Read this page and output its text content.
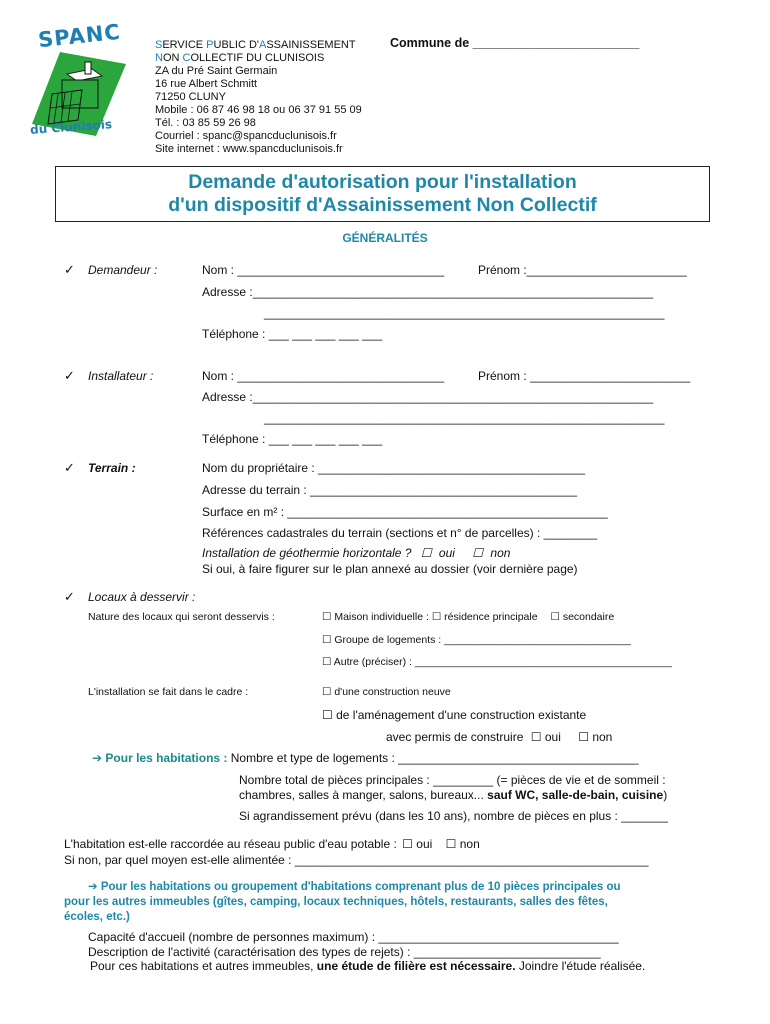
SPANC
du Clunisois
SERVICE PUBLIC D'ASSAINISSEMENT
NON COLLECTIF DU CLUNISOIS
ZA du Pré Saint Germain
16 rue Albert Schmitt
71250 CLUNY
Mobile : 06 87 46 98 18 ou 06 37 91 55 09
Tél. : 03 85 59 26 98
Courriel : spanc@spancduclunisois.fr
Site internet : www.spancduclunisois.fr
Commune de ________________________
Demande d'autorisation pour l'installation
d'un dispositif d'Assainissement Non Collectif
GÉNÉRALITÉS
✓ Demandeur :	Nom : _______________________________	Prénom :________________________
Adresse :____________________________________________________________
____________________________________________________________
Téléphone : ___ ___ ___ ___ ___
✓ Installateur :	Nom : _______________________________	Prénom : ________________________
Adresse :____________________________________________________________
____________________________________________________________
Téléphone : ___ ___ ___ ___ ___
✓ Terrain :	Nom du propriétaire : ________________________________________
Adresse du terrain : ________________________________________
Surface en m² : ________________________________________________
Références cadastrales du terrain (sections et n° de parcelles) : ________
Installation de géothermie horizontale ? ☐ oui ☐ non
Si oui, à faire figurer sur le plan annexé au dossier (voir dernière page)
✓ Locaux à desservir :
Nature des locaux qui seront desservis :	☐ Maison individuelle : ☐ résidence principale ☐ secondaire
☐ Groupe de logements : ________________________________
☐ Autre (préciser) : ____________________________________________
L'installation se fait dans le cadre :	☐ d'une construction neuve
☐ de l'aménagement d'une construction existante
avec permis de construire ☐ oui ☐ non
➔ Pour les habitations : Nombre et type de logements : ____________________________________
Nombre total de pièces principales : _________ (= pièces de vie et de sommeil :
chambres, salles à manger, salons, bureaux... sauf WC, salle-de-bain, cuisine)
Si agrandissement prévu (dans les 10 ans), nombre de pièces en plus : _______
L'habitation est-elle raccordée au réseau public d'eau potable : ☐ oui ☐ non
Si non, par quel moyen est-elle alimentée : _____________________________________________________
➔ Pour les habitations ou groupement d'habitations comprenant plus de 10 pièces principales ou
pour les autres immeubles (gîtes, camping, locaux techniques, hôtels, restaurants, salles des fêtes,
écoles, etc.)
Capacité d'accueil (nombre de personnes maximum) : ____________________________________
Description de l'activité (caractérisation des types de rejets) : ____________________________
Pour ces habitations et autres immeubles, une étude de filière est nécessaire. Joindre l'étude réalisée.
